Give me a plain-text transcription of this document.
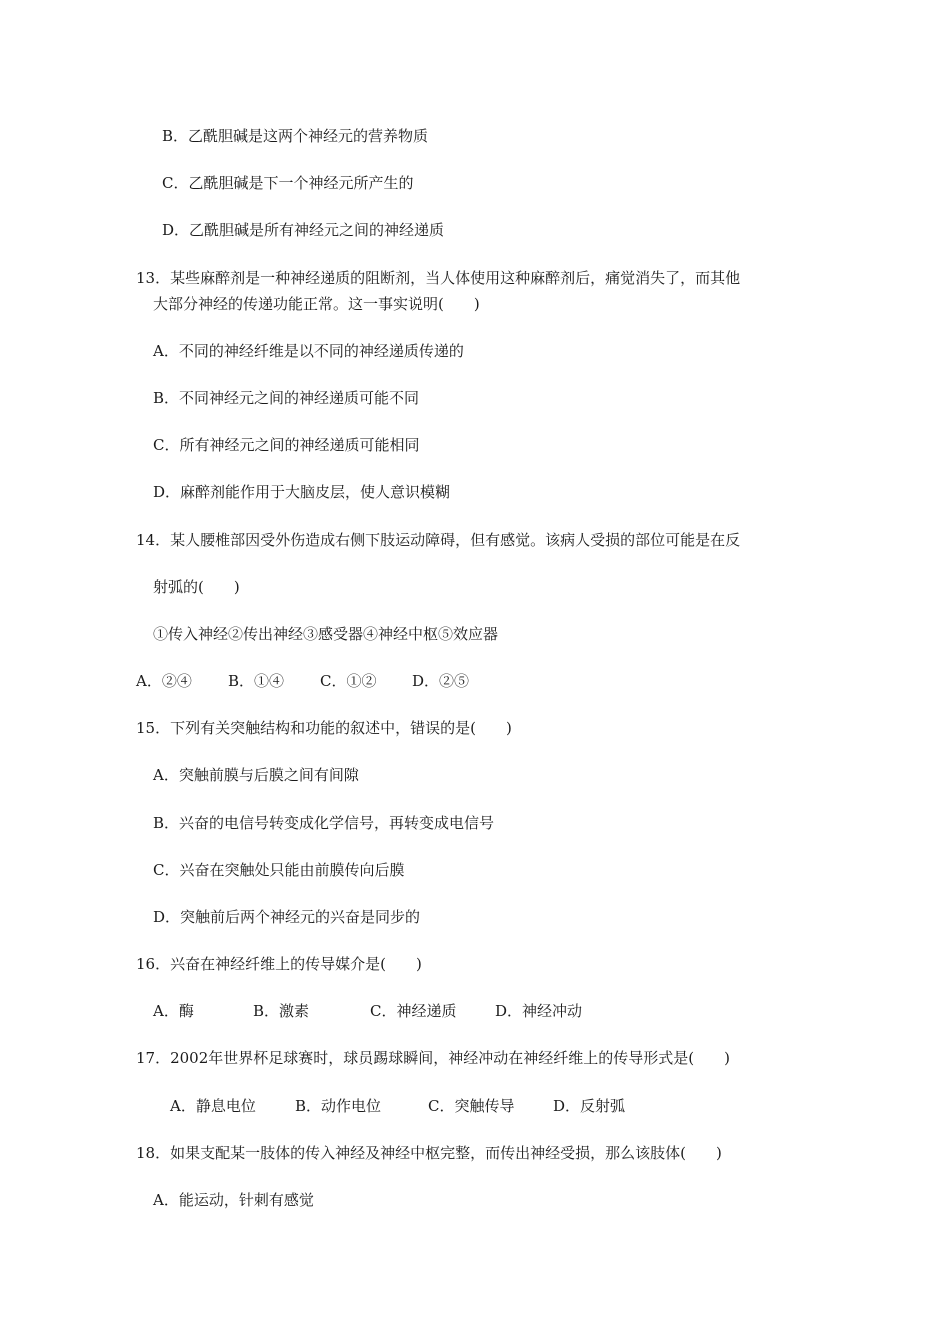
B．乙酰胆碱是这两个神经元的营养物质
C．乙酰胆碱是下一个神经元所产生的
D．乙酰胆碱是所有神经元之间的神经递质
13．某些麻醉剂是一种神经递质的阻断剂，当人体使用这种麻醉剂后，痛觉消失了，而其他
大部分神经的传递功能正常。这一事实说明(　　)
A．不同的神经纤维是以不同的神经递质传递的
B．不同神经元之间的神经递质可能不同
C．所有神经元之间的神经递质可能相同
D．麻醉剂能作用于大脑皮层，使人意识模糊
14．某人腰椎部因受外伤造成右侧下肢运动障碍，但有感觉。该病人受损的部位可能是在反
射弧的(　　)
①传入神经②传出神经③感受器④神经中枢⑤效应器
A．②④ B．①④ C．①② D．②⑤
15．下列有关突触结构和功能的叙述中，错误的是(　　)
A．突触前膜与后膜之间有间隙
B．兴奋的电信号转变成化学信号，再转变成电信号
C．兴奋在突触处只能由前膜传向后膜
D．突触前后两个神经元的兴奋是同步的
16．兴奋在神经纤维上的传导媒介是(　　)
A．酶	B．激素	C．神经递质	D．神经冲动
17．2002年世界杯足球赛时，球员踢球瞬间，神经冲动在神经纤维上的传导形式是(　　)
A．静息电位	B．动作电位	C．突触传导	D．反射弧
18．如果支配某一肢体的传入神经及神经中枢完整，而传出神经受损，那么该肢体(　　)
A．能运动，针刺有感觉
